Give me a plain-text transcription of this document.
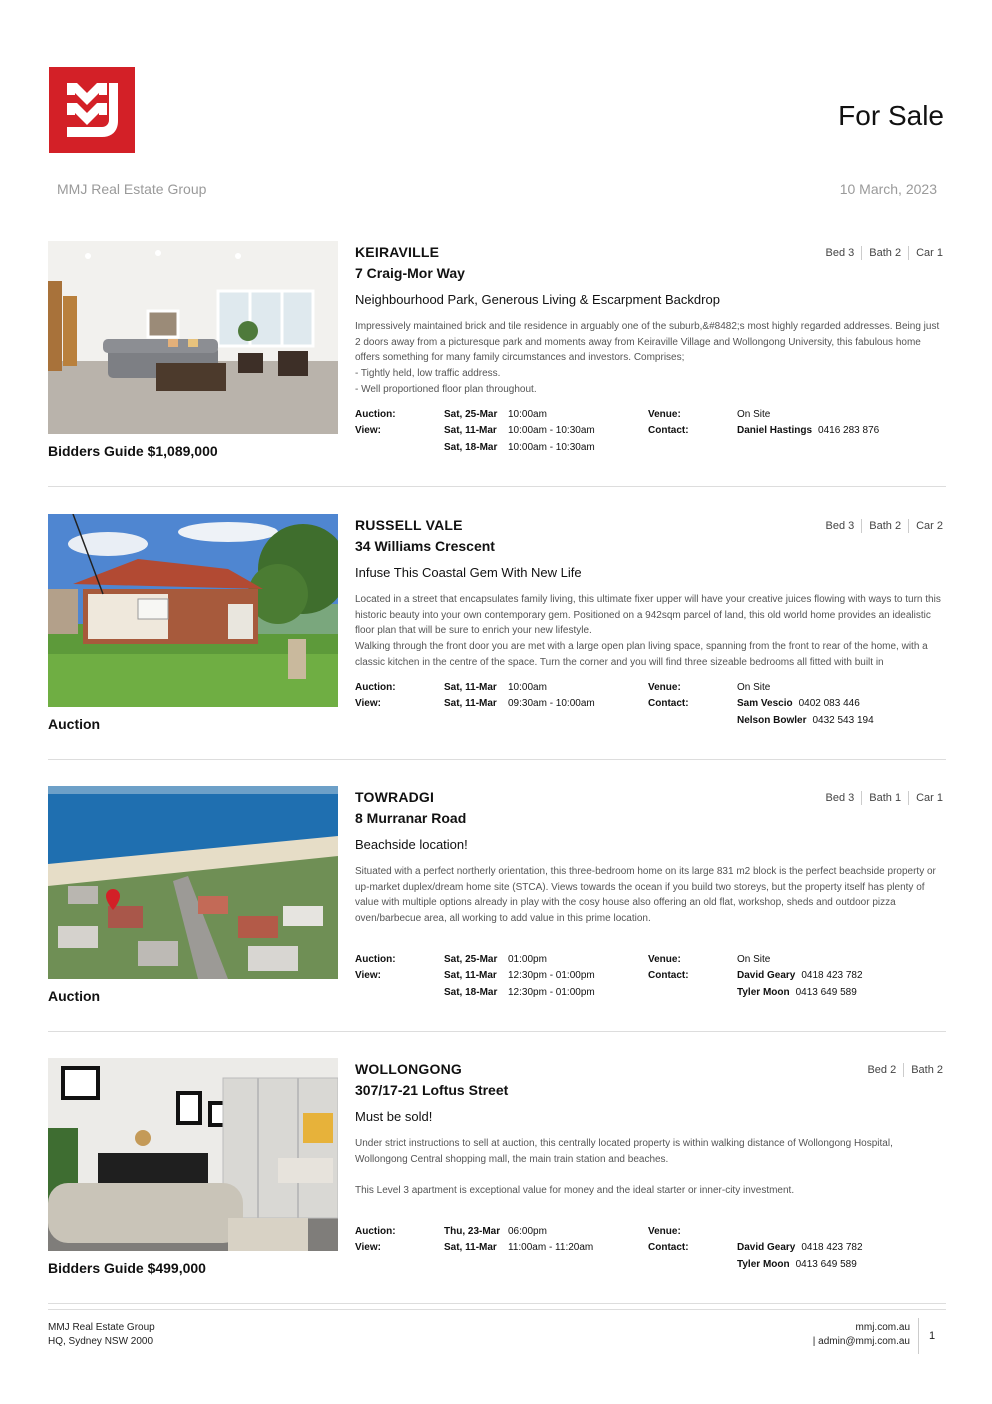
For Sale
MMJ Real Estate Group	10 March, 2023
Bidders Guide $1,089,000
Bed 3	Bath 2	Car 1
KEIRAVILLE
7 Craig-Mor Way
Neighbourhood Park, Generous Living & Escarpment Backdrop

Impressively maintained brick and tile residence in arguably one of the suburb,&#8482;s most highly regarded addresses. Being just 2 doors away from a picturesque park and moments away from Keiraville Village and Wollongong University, this fabulous home offers something for many family circumstances and investors. Comprises;

- Tightly held, low traffic address.

- Well proportioned floor plan throughout.

Auction:	Sat, 25-Mar	10:00am
View:	Sat, 11-Mar	10:00am - 10:30am
Sat, 18-Mar	10:00am - 10:30am
Venue:	On Site
Contact:	Daniel Hastings 0416 283 876
Auction
Bed 3	Bath 2	Car 2
RUSSELL VALE
34 Williams Crescent
Infuse This Coastal Gem With New Life

Located in a street that encapsulates family living, this ultimate fixer upper will have your creative juices flowing with ways to turn this historic beauty into your own contemporary gem. Positioned on a 942sqm parcel of land, this old world home provides an idealistic floor plan that will be sure to enrich your new lifestyle.

Walking through the front door you are met with a large open plan living space, spanning from the front to rear of the home, with a classic kitchen in the centre of the space. Turn the corner and you will find three sizeable bedrooms all fitted with built in

Auction:	Sat, 11-Mar	10:00am
View:	Sat, 11-Mar	09:30am - 10:00am
Venue:	On Site
Contact:	Sam Vescio 0402 083 446
Nelson Bowler 0432 543 194
Auction
Bed 3	Bath 1	Car 1
TOWRADGI
8 Murranar Road
Beachside location!

Situated with a perfect northerly orientation, this three-bedroom home on its large 831 m2 block is the perfect beachside property or up-market duplex/dream home site (STCA). Views towards the ocean if you build two storeys, but the property itself has plenty of value with multiple options already in play with the cosy house also offering an old flat, workshop, sheds and outdoor pizza oven/barbecue area, all working to add value in this prime location.

Auction:	Sat, 25-Mar	01:00pm
View:	Sat, 11-Mar	12:30pm - 01:00pm
Sat, 18-Mar	12:30pm - 01:00pm
Venue:	On Site
Contact:	David Geary 0418 423 782
Tyler Moon 0413 649 589
Bidders Guide $499,000
Bed 2	Bath 2
WOLLONGONG
307/17-21 Loftus Street
Must be sold!

Under strict instructions to sell at auction, this centrally located property is within walking distance of Wollongong Hospital, Wollongong Central shopping mall, the main train station and beaches.

This Level 3 apartment is exceptional value for money and the ideal starter or inner-city investment.

Auction:	Thu, 23-Mar 06:00pm
View:	Sat, 11-Mar	11:00am - 11:20am
Venue:
Contact:	David Geary 0418 423 782
Tyler Moon 0413 649 589
MMJ Real Estate Group
HQ, Sydney NSW 2000
mmj.com.au
| admin@mmj.com.au 1
